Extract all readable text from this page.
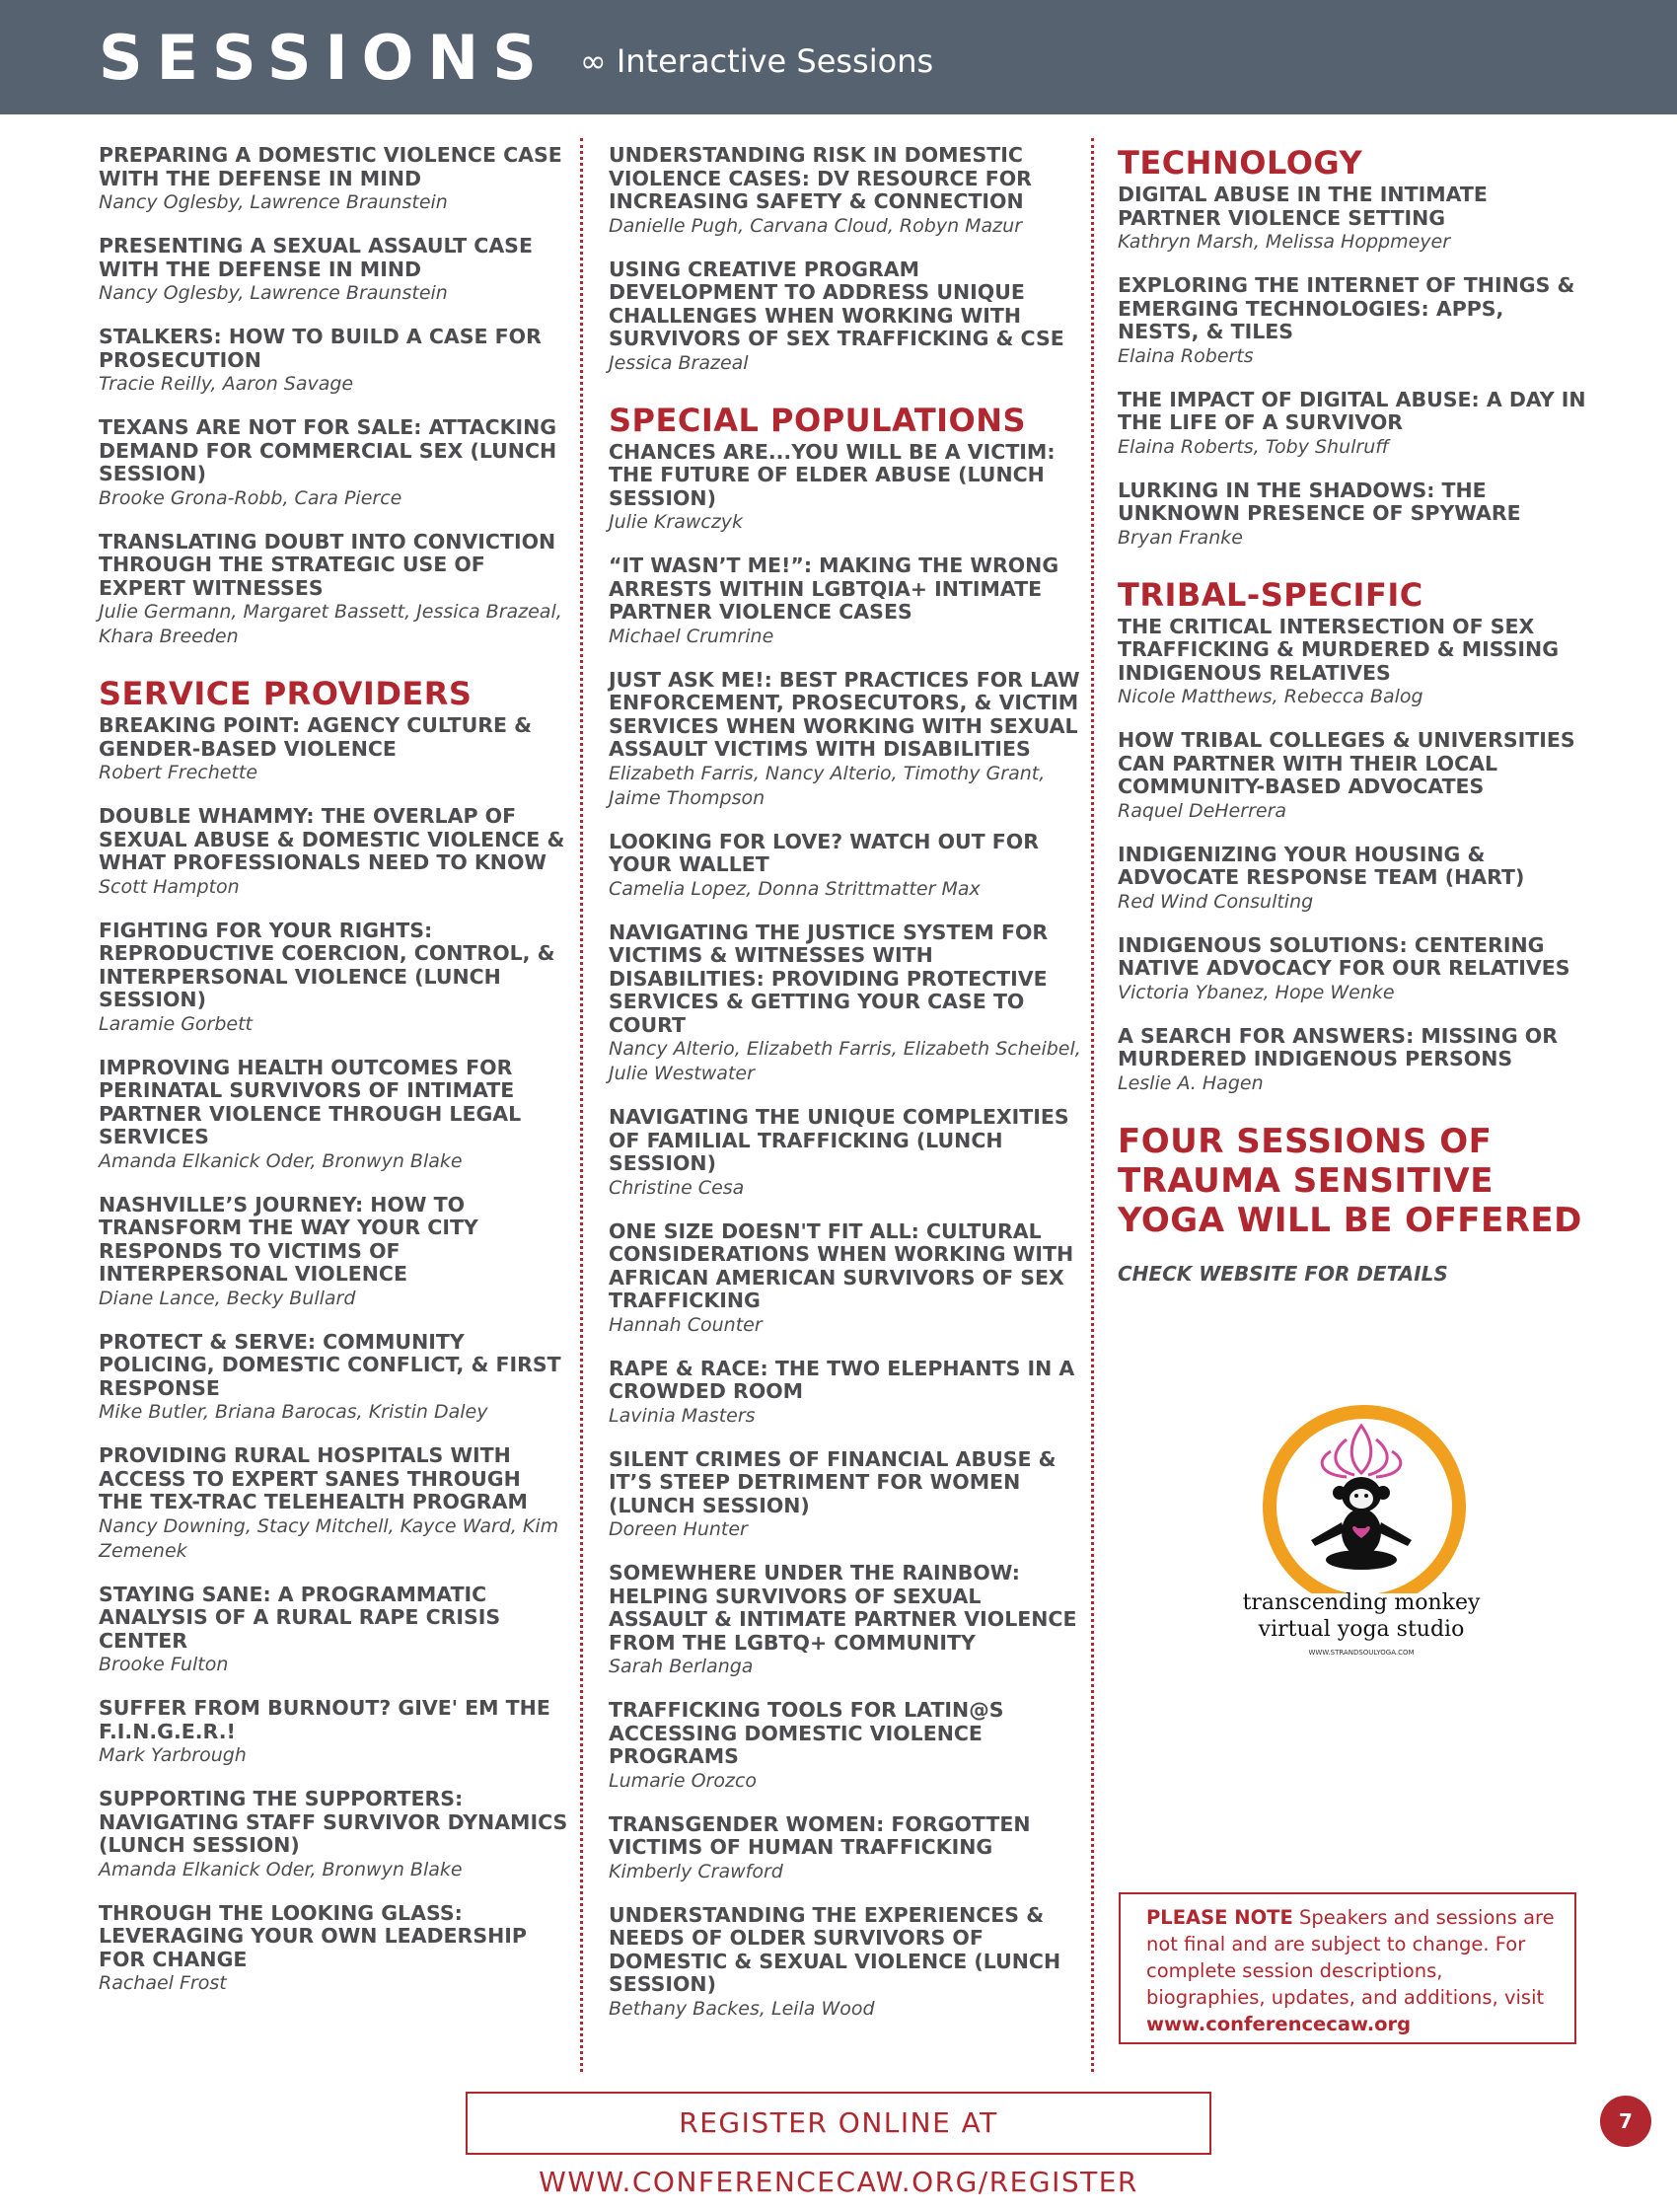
SESSIONS ∞ Interactive Sessions
PREPARING A DOMESTIC VIOLENCE CASE WITH THE DEFENSE IN MIND
Nancy Oglesby, Lawrence Braunstein
PRESENTING A SEXUAL ASSAULT CASE WITH THE DEFENSE IN MIND
Nancy Oglesby, Lawrence Braunstein
STALKERS: HOW TO BUILD A CASE FOR PROSECUTION
Tracie Reilly, Aaron Savage
TEXANS ARE NOT FOR SALE: ATTACKING DEMAND FOR COMMERCIAL SEX (LUNCH SESSION)
Brooke Grona-Robb, Cara Pierce
TRANSLATING DOUBT INTO CONVICTION THROUGH THE STRATEGIC USE OF EXPERT WITNESSES
Julie Germann, Margaret Bassett, Jessica Brazeal, Khara Breeden
SERVICE PROVIDERS
BREAKING POINT: AGENCY CULTURE & GENDER-BASED VIOLENCE
Robert Frechette
DOUBLE WHAMMY: THE OVERLAP OF SEXUAL ABUSE & DOMESTIC VIOLENCE & WHAT PROFESSIONALS NEED TO KNOW
Scott Hampton
FIGHTING FOR YOUR RIGHTS: REPRODUCTIVE COERCION, CONTROL, & INTERPERSONAL VIOLENCE (LUNCH SESSION)
Laramie Gorbett
IMPROVING HEALTH OUTCOMES FOR PERINATAL SURVIVORS OF INTIMATE PARTNER VIOLENCE THROUGH LEGAL SERVICES
Amanda Elkanick Oder, Bronwyn Blake
NASHVILLE’S JOURNEY: HOW TO TRANSFORM THE WAY YOUR CITY RESPONDS TO VICTIMS OF INTERPERSONAL VIOLENCE
Diane Lance, Becky Bullard
PROTECT & SERVE: COMMUNITY POLICING, DOMESTIC CONFLICT, & FIRST RESPONSE
Mike Butler, Briana Barocas, Kristin Daley
PROVIDING RURAL HOSPITALS WITH ACCESS TO EXPERT SANES THROUGH THE TEX-TRAC TELEHEALTH PROGRAM
Nancy Downing, Stacy Mitchell, Kayce Ward, Kim Zemenek
STAYING SANE: A PROGRAMMATIC ANALYSIS OF A RURAL RAPE CRISIS CENTER
Brooke Fulton
SUFFER FROM BURNOUT? GIVE' EM THE F.I.N.G.E.R.!
Mark Yarbrough
SUPPORTING THE SUPPORTERS: NAVIGATING STAFF SURVIVOR DYNAMICS (LUNCH SESSION)
Amanda Elkanick Oder, Bronwyn Blake
THROUGH THE LOOKING GLASS: LEVERAGING YOUR OWN LEADERSHIP FOR CHANGE
Rachael Frost
UNDERSTANDING RISK IN DOMESTIC VIOLENCE CASES: DV RESOURCE FOR INCREASING SAFETY & CONNECTION
Danielle Pugh, Carvana Cloud, Robyn Mazur
USING CREATIVE PROGRAM DEVELOPMENT TO ADDRESS UNIQUE CHALLENGES WHEN WORKING WITH SURVIVORS OF SEX TRAFFICKING & CSE
Jessica Brazeal
SPECIAL POPULATIONS
CHANCES ARE...YOU WILL BE A VICTIM: THE FUTURE OF ELDER ABUSE (LUNCH SESSION)
Julie Krawczyk
“IT WASN’T ME!”: MAKING THE WRONG ARRESTS WITHIN LGBTQIA+ INTIMATE PARTNER VIOLENCE CASES
Michael Crumrine
JUST ASK ME!: BEST PRACTICES FOR LAW ENFORCEMENT, PROSECUTORS, & VICTIM SERVICES WHEN WORKING WITH SEXUAL ASSAULT VICTIMS WITH DISABILITIES
Elizabeth Farris, Nancy Alterio, Timothy Grant, Jaime Thompson
LOOKING FOR LOVE? WATCH OUT FOR YOUR WALLET
Camelia Lopez, Donna Strittmatter Max
NAVIGATING THE JUSTICE SYSTEM FOR VICTIMS & WITNESSES WITH DISABILITIES: PROVIDING PROTECTIVE SERVICES & GETTING YOUR CASE TO COURT
Nancy Alterio, Elizabeth Farris, Elizabeth Scheibel, Julie Westwater
NAVIGATING THE UNIQUE COMPLEXITIES OF FAMILIAL TRAFFICKING (LUNCH SESSION)
Christine Cesa
ONE SIZE DOESN'T FIT ALL: CULTURAL CONSIDERATIONS WHEN WORKING WITH AFRICAN AMERICAN SURVIVORS OF SEX TRAFFICKING
Hannah Counter
RAPE & RACE: THE TWO ELEPHANTS IN A CROWDED ROOM
Lavinia Masters
SILENT CRIMES OF FINANCIAL ABUSE & IT’S STEEP DETRIMENT FOR WOMEN (LUNCH SESSION)
Doreen Hunter
SOMEWHERE UNDER THE RAINBOW: HELPING SURVIVORS OF SEXUAL ASSAULT & INTIMATE PARTNER VIOLENCE FROM THE LGBTQ+ COMMUNITY
Sarah Berlanga
TRAFFICKING TOOLS FOR LATIN@S ACCESSING DOMESTIC VIOLENCE PROGRAMS
Lumarie Orozco
TRANSGENDER WOMEN: FORGOTTEN VICTIMS OF HUMAN TRAFFICKING
Kimberly Crawford
UNDERSTANDING THE EXPERIENCES & NEEDS OF OLDER SURVIVORS OF DOMESTIC & SEXUAL VIOLENCE (LUNCH SESSION)
Bethany Backes, Leila Wood
TECHNOLOGY
DIGITAL ABUSE IN THE INTIMATE PARTNER VIOLENCE SETTING
Kathryn Marsh, Melissa Hoppmeyer
EXPLORING THE INTERNET OF THINGS & EMERGING TECHNOLOGIES: APPS, NESTS, & TILES
Elaina Roberts
THE IMPACT OF DIGITAL ABUSE: A DAY IN THE LIFE OF A SURVIVOR
Elaina Roberts, Toby Shulruff
LURKING IN THE SHADOWS: THE UNKNOWN PRESENCE OF SPYWARE
Bryan Franke
TRIBAL-SPECIFIC
THE CRITICAL INTERSECTION OF SEX TRAFFICKING & MURDERED & MISSING INDIGENOUS RELATIVES
Nicole Matthews, Rebecca Balog
HOW TRIBAL COLLEGES & UNIVERSITIES CAN PARTNER WITH THEIR LOCAL COMMUNITY-BASED ADVOCATES
Raquel DeHerrera
INDIGENIZING YOUR HOUSING & ADVOCATE RESPONSE TEAM (HART)
Red Wind Consulting
INDIGENOUS SOLUTIONS: CENTERING NATIVE ADVOCACY FOR OUR RELATIVES
Victoria Ybanez, Hope Wenke
A SEARCH FOR ANSWERS: MISSING OR MURDERED INDIGENOUS PERSONS
Leslie A. Hagen
FOUR SESSIONS OF TRAUMA SENSITIVE YOGA WILL BE OFFERED
CHECK WEBSITE FOR DETAILS
transcending monkey
virtual yoga studio
WWW.STRANDSOULYOGA.COM
PLEASE NOTE Speakers and sessions are not final and are subject to change. For complete session descriptions, biographies, updates, and additions, visit
www.conferencecaw.org
REGISTER ONLINE AT WWW.CONFERENCECAW.ORG/REGISTER
7
